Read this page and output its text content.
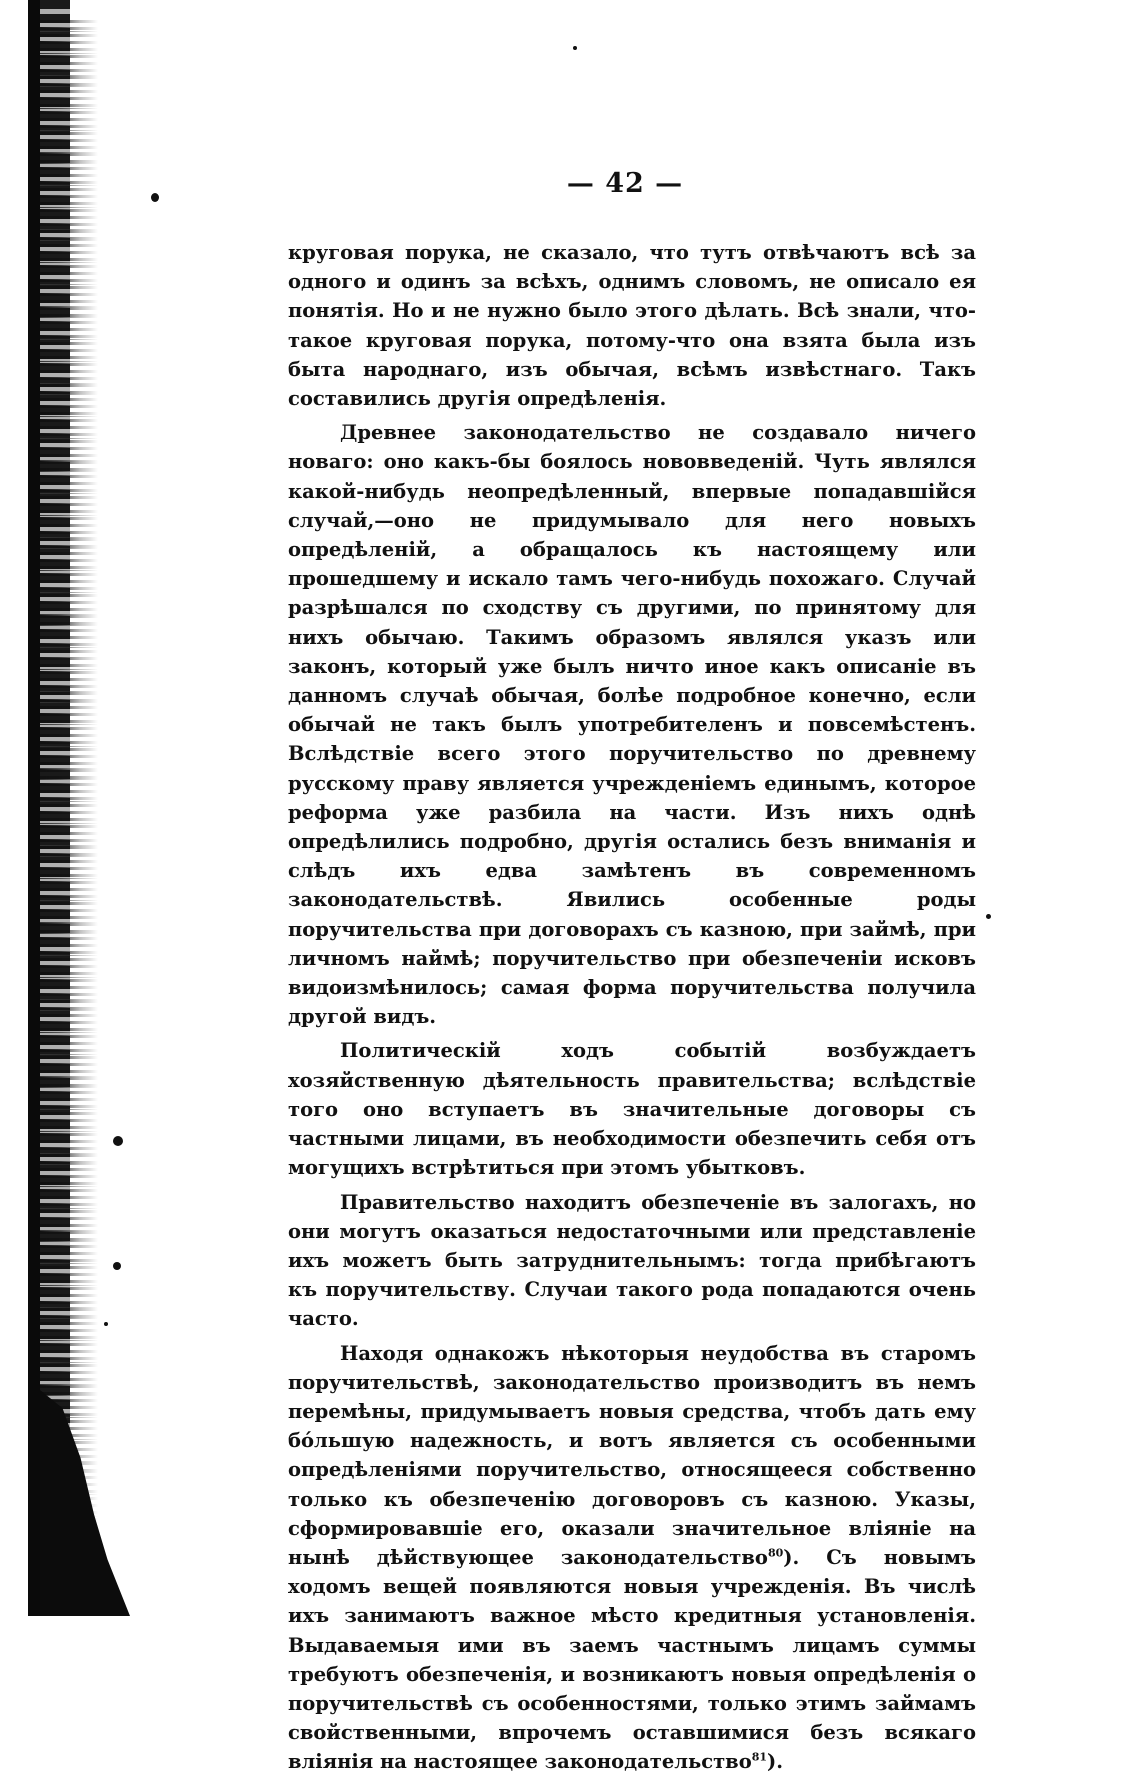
— 42 —

круговая порука, не сказало, что тутъ отвѣчаютъ всѣ за одного и одинъ за всѣхъ, однимъ словомъ, не описало ея понятія. Но и не нужно было этого дѣлать. Всѣ знали, что-такое круговая порука, потому-что она взята была изъ быта народнаго, изъ обычая, всѣмъ извѣстнаго. Такъ составились другія опредѣленія.

Древнее законодательство не создавало ничего новаго: оно какъ-бы боялось нововведеній. Чуть являлся какой-нибудь неопредѣленный, впервые попадавшійся случай,—оно не придумывало для него новыхъ опредѣленій, а обращалось къ настоящему или прошедшему и искало тамъ чего-нибудь похожаго. Случай разрѣшался по сходству съ другими, по принятому для нихъ обычаю. Такимъ образомъ являлся указъ или законъ, который уже былъ ничто иное какъ описаніе въ данномъ случаѣ обычая, болѣе подробное конечно, если обычай не такъ былъ употребителенъ и повсемѣстенъ. Вслѣдствіе всего этого поручительство по древнему русскому праву является учрежденіемъ единымъ, которое реформа уже разбила на части. Изъ нихъ однѣ опредѣлились подробно, другія остались безъ вниманія и слѣдъ ихъ едва замѣтенъ въ современномъ законодательствѣ. Явились особенные роды поручительства при договорахъ съ казною, при займѣ, при личномъ наймѣ; поручительство при обезпеченіи исковъ видоизмѣнилось; самая форма поручительства получила другой видъ.

Политическій ходъ событій возбуждаетъ хозяйственную дѣятельность правительства; вслѣдствіе того оно вступаетъ въ значительные договоры съ частными лицами, въ необходимости обезпечить себя отъ могущихъ встрѣтиться при этомъ убытковъ.

Правительство находитъ обезпеченіе въ залогахъ, но они могутъ оказаться недостаточными или представленіе ихъ можетъ быть затруднительнымъ: тогда прибѣгаютъ къ поручительству. Случаи такого рода попадаются очень часто.

Находя однакожъ нѣкоторыя неудобства въ старомъ поручительствѣ, законодательство производитъ въ немъ перемѣны, придумываетъ новыя средства, чтобъ дать ему бóльшую надежность, и вотъ является съ особенными опредѣленіями поручительство, относящееся собственно только къ обезпеченію договоровъ съ казною. Указы, сформировавшіе его, оказали значительное вліяніе на нынѣ дѣйствующее законодательство$^{80}$). Съ новымъ ходомъ вещей появляются новыя учрежденія. Въ числѣ ихъ занимаютъ важное мѣсто кредитныя установленія. Выдаваемыя ими въ заемъ частнымъ лицамъ суммы требуютъ обезпеченія, и возникаютъ новыя опредѣленія о поручительствѣ съ особенностями, только этимъ займамъ свойственными, впрочемъ оставшимися безъ всякаго вліянія на настоящее законодательство$^{81}$).
